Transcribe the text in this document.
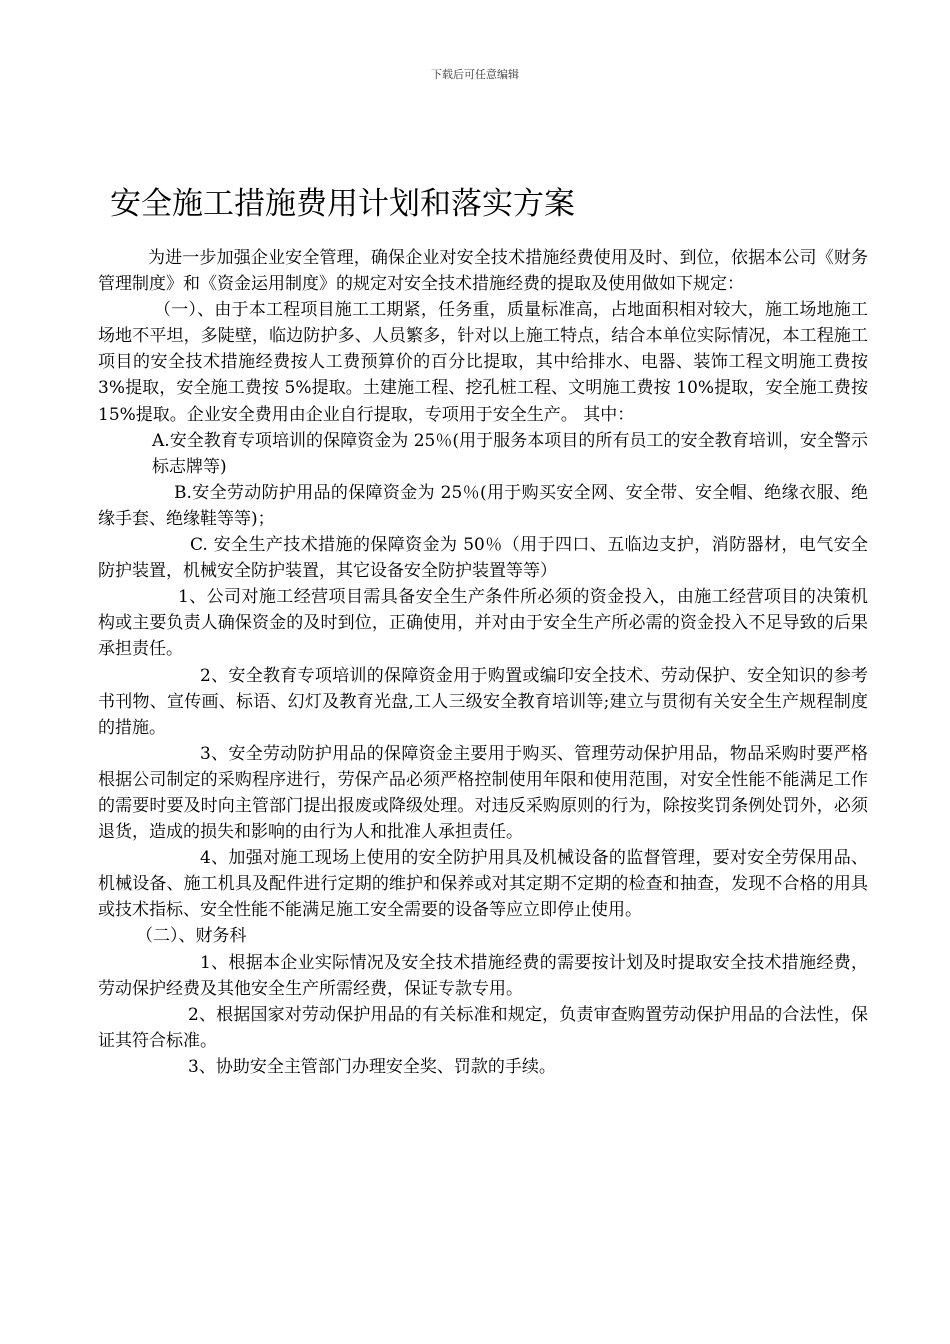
下载后可任意编辑
安全施工措施费用计划和落实方案

为进一步加强企业安全管理，确保企业对安全技术措施经费使用及时、到位，依据本公司《财务管理制度》和《资金运用制度》的规定对安全技术措施经费的提取及使用做如下规定：

（一）、由于本工程项目施工工期紧，任务重，质量标准高，占地面积相对较大，施工场地施工场地不平坦，多陡壁，临边防护多、人员繁多，针对以上施工特点，结合本单位实际情况，本工程施工项目的安全技术措施经费按人工费预算价的百分比提取，其中给排水、电器、装饰工程文明施工费按 3%提取，安全施工费按 5%提取。土建施工程、挖孔桩工程、文明施工费按 10%提取，安全施工费按 15%提取。企业安全费用由企业自行提取，专项用于安全生产。 其中：

A.安全教育专项培训的保障资金为 25％(用于服务本项目的所有员工的安全教育培训，安全警示标志牌等)

B.安全劳动防护用品的保障资金为 25％(用于购买安全网、安全带、安全帽、绝缘衣服、绝缘手套、绝缘鞋等等)；

C. 安全生产技术措施的保障资金为 50％（用于四口、五临边支护，消防器材，电气安全防护装置，机械安全防护装置，其它设备安全防护装置等等）

1、公司对施工经营项目需具备安全生产条件所必须的资金投入，由施工经营项目的决策机构或主要负责人确保资金的及时到位，正确使用，并对由于安全生产所必需的资金投入不足导致的后果承担责任。

2、安全教育专项培训的保障资金用于购置或编印安全技术、劳动保护、安全知识的参考书刊物、宣传画、标语、幻灯及教育光盘,工人三级安全教育培训等;建立与贯彻有关安全生产规程制度的措施。

3、安全劳动防护用品的保障资金主要用于购买、管理劳动保护用品，物品采购时要严格根据公司制定的采购程序进行，劳保产品必须严格控制使用年限和使用范围，对安全性能不能满足工作的需要时要及时向主管部门提出报废或降级处理。对违反采购原则的行为，除按奖罚条例处罚外，必须退货，造成的损失和影响的由行为人和批准人承担责任。

4、加强对施工现场上使用的安全防护用具及机械设备的监督管理，要对安全劳保用品、机械设备、施工机具及配件进行定期的维护和保养或对其定期不定期的检查和抽查，发现不合格的用具或技术指标、安全性能不能满足施工安全需要的设备等应立即停止使用。

（二）、财务科

1、根据本企业实际情况及安全技术措施经费的需要按计划及时提取安全技术措施经费，劳动保护经费及其他安全生产所需经费，保证专款专用。

2、根据国家对劳动保护用品的有关标准和规定，负责审查购置劳动保护用品的合法性，保证其符合标准。

3、协助安全主管部门办理安全奖、罚款的手续。
